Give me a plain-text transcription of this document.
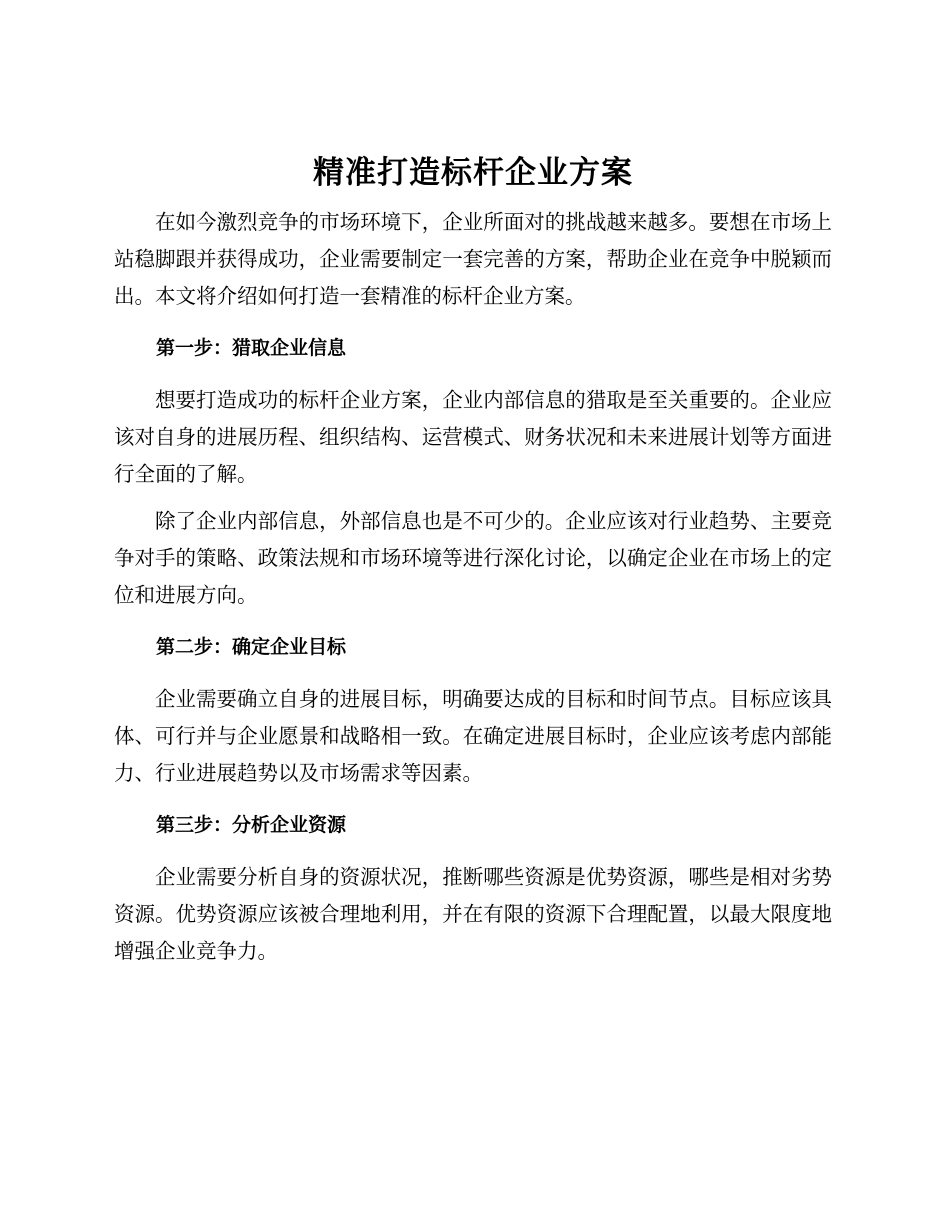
精准打造标杆企业方案

在如今激烈竞争的市场环境下，企业所面对的挑战越来越多。要想在市场上站稳脚跟并获得成功，企业需要制定一套完善的方案，帮助企业在竞争中脱颖而出。本文将介绍如何打造一套精准的标杆企业方案。

第一步：猎取企业信息

想要打造成功的标杆企业方案，企业内部信息的猎取是至关重要的。企业应该对自身的进展历程、组织结构、运营模式、财务状况和未来进展计划等方面进行全面的了解。

除了企业内部信息，外部信息也是不可少的。企业应该对行业趋势、主要竞争对手的策略、政策法规和市场环境等进行深化讨论，以确定企业在市场上的定位和进展方向。

第二步：确定企业目标

企业需要确立自身的进展目标，明确要达成的目标和时间节点。目标应该具体、可行并与企业愿景和战略相一致。在确定进展目标时，企业应该考虑内部能力、行业进展趋势以及市场需求等因素。

第三步：分析企业资源

企业需要分析自身的资源状况，推断哪些资源是优势资源，哪些是相对劣势资源。优势资源应该被合理地利用，并在有限的资源下合理配置，以最大限度地增强企业竞争力。
